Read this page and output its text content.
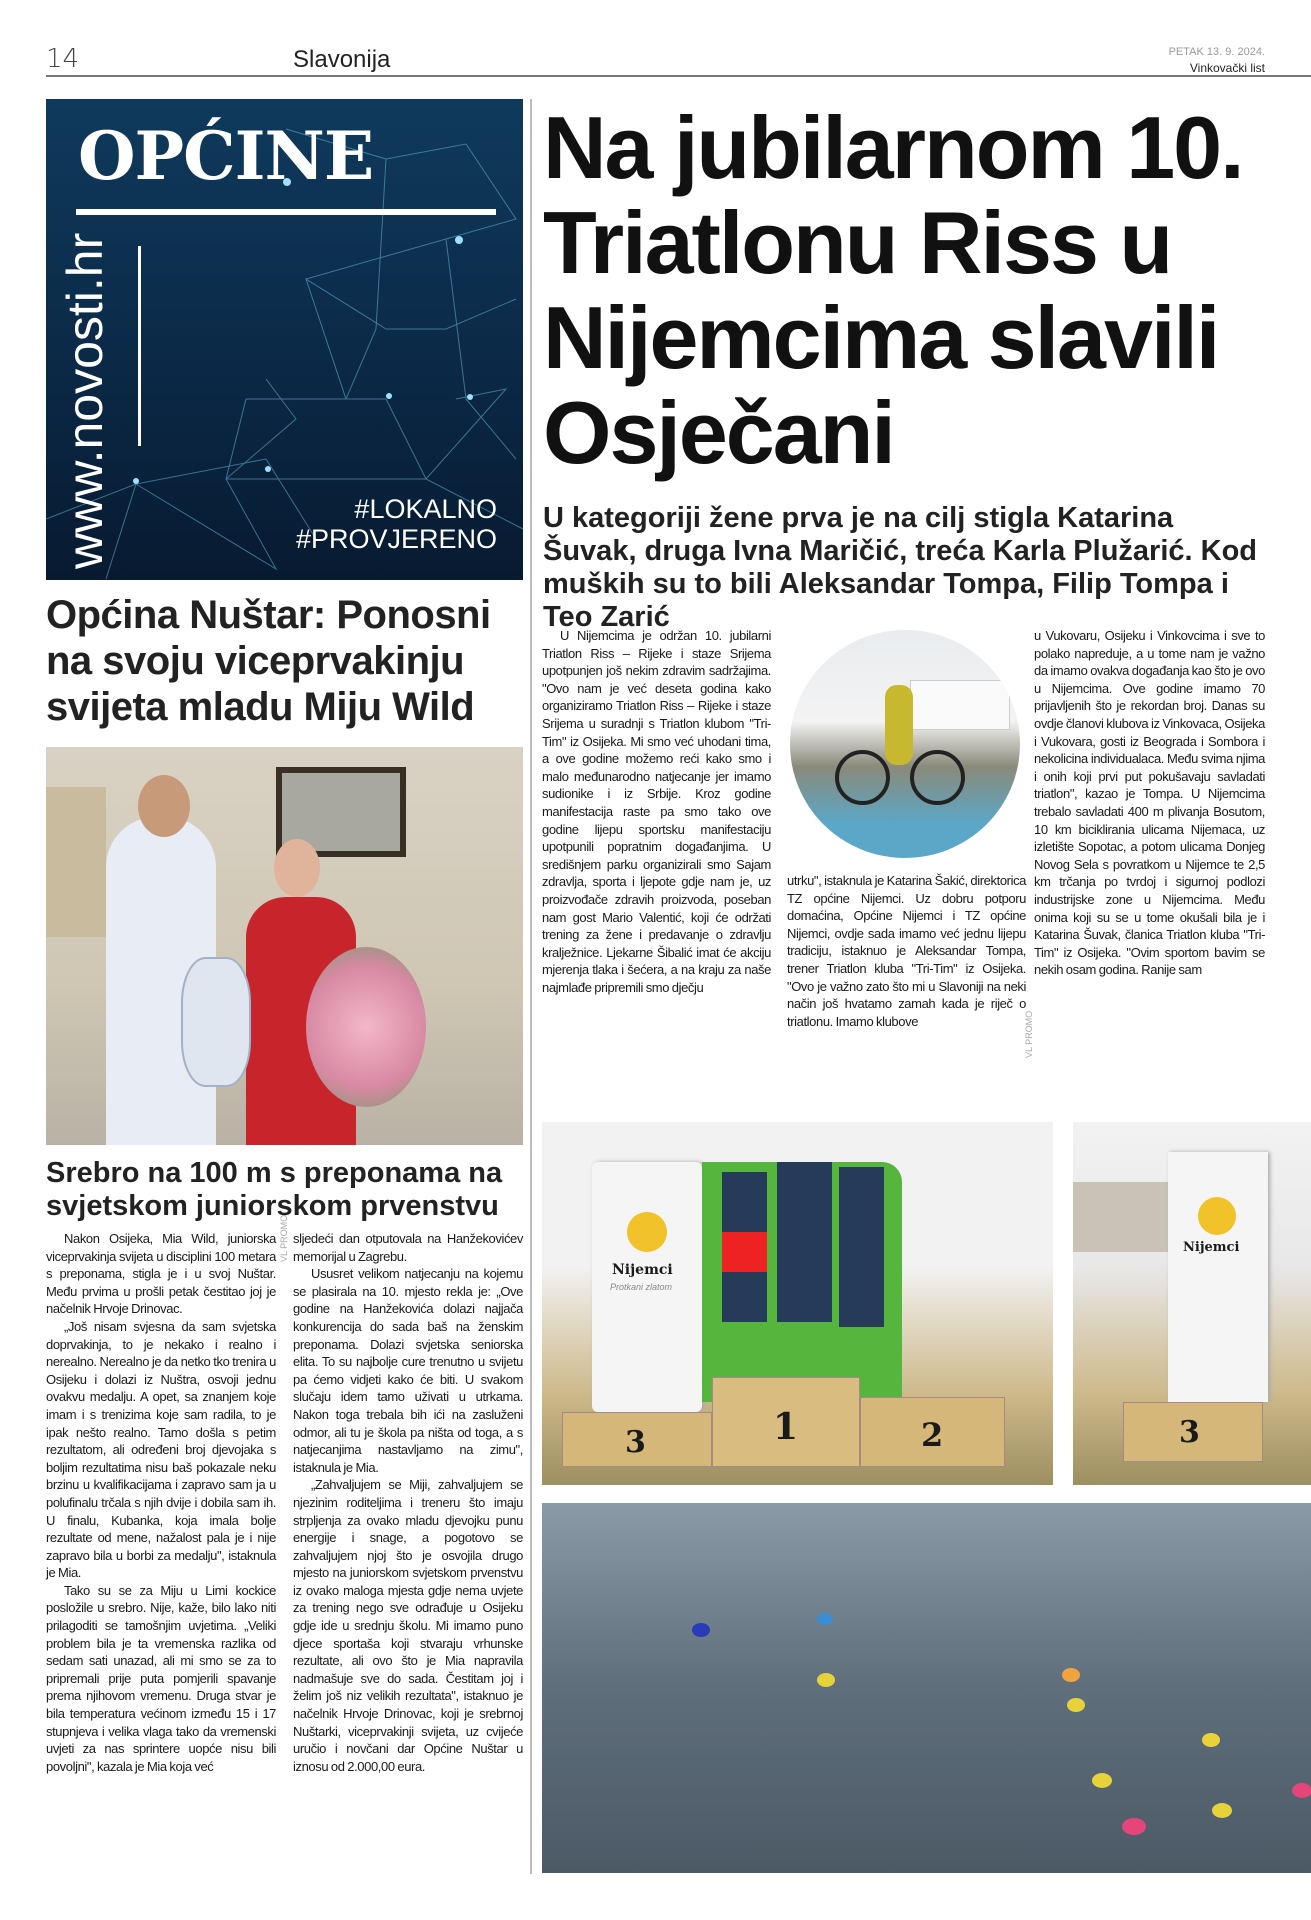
14	Slavonija	PETAK 13. 9. 2024.
Vinkovački list
OPĆINE
www.novosti.hr	#LOKALNO
#PROVJERENO
Općina Nuštar: Ponosni na svoju viceprvakinju svijeta mladu Miju Wild
Srebro na 100 m s preponama na svjetskom juniorskom prvenstvu

Nakon Osijeka, Mia Wild, juniorska viceprvakinja svijeta u disciplini 100 metara s preponama, stigla je i u svoj Nuštar. Među prvima u prošli petak čestitao joj je načelnik Hrvoje Drinovac.

„Još nisam svjesna da sam svjetska doprvakinja, to je nekako i realno i nerealno. Nerealno je da netko tko trenira u Osijeku i dolazi iz Nuštra, osvoji jednu ovakvu medalju. A opet, sa znanjem koje imam i s trenizima koje sam radila, to je ipak nešto realno. Tamo došla s petim rezultatom, ali određeni broj djevojaka s boljim rezultatima nisu baš pokazale neku brzinu u kvalifikacijama i zapravo sam ja u polufinalu trčala s njih dvije i dobila sam ih. U finalu, Kubanka, koja imala bolje rezultate od mene, nažalost pala je i nije zapravo bila u borbi za medalju", istaknula je Mia.

Tako su se za Miju u Limi kockice posložile u srebro. Nije, kaže, bilo lako niti prilagoditi se tamošnjim uvjetima. „Veliki problem bila je ta vremenska razlika od sedam sati unazad, ali mi smo se za to pripremali prije puta pomjerili spavanje prema njihovom vremenu. Druga stvar je bila temperatura većinom između 15 i 17 stupnjeva i velika vlaga tako da vremenski uvjeti za nas sprintere uopće nisu bili povoljni", kazala je Mia koja već

VL PROMO sljedeći dan otputovala na Hanžekovićev memorijal u Zagrebu.

Ususret velikom natjecanju na kojemu se plasirala na 10. mjesto rekla je: „Ove godine na Hanžekovića dolazi najjača konkurencija do sada baš na ženskim preponama. Dolazi svjetska seniorska elita. To su najbolje cure trenutno u svijetu pa ćemo vidjeti kako će biti. U svakom slučaju idem tamo uživati u utrkama. Nakon toga trebala bih ići na zasluženi odmor, ali tu je škola pa ništa od toga, a s natjecanjima nastavljamo na zimu", istaknula je Mia.

„Zahvaljujem se Miji, zahvaljujem se njezinim roditeljima i treneru što imaju strpljenja za ovako mladu djevojku punu energije i snage, a pogotovo se zahvaljujem njoj što je osvojila drugo mjesto na juniorskom svjetskom prvenstvu iz ovako maloga mjesta gdje nema uvjete za trening nego sve odrađuje u Osijeku gdje ide u srednju školu. Mi imamo puno djece sportaša koji stvaraju vrhunske rezultate, ali ovo što je Mia napravila nadmašuje sve do sada. Čestitam joj i želim još niz velikih rezultata", istaknuo je načelnik Hrvoje Drinovac, koji je srebrnoj Nuštarki, viceprvakinji svijeta, uz cvijeće uručio i novčani dar Općine Nuštar u iznosu od 2.000,00 eura.

Na jubilarnom 10. Triatlonu Riss u Nijemcima slavili Osječani
U kategoriji žene prva je na cilj stigla Katarina Šuvak, druga Ivna Maričić, treća Karla Plužarić. Kod muških su to bili Aleksandar Tompa, Filip Tompa i Teo Zarić

U Nijemcima je održan 10. jubilarni Triatlon Riss – Rijeke i staze Srijema upotpunjen još nekim zdravim sadržajima. "Ovo nam je već deseta godina kako organiziramo Triatlon Riss – Rijeke i staze Srijema u suradnji s Triatlon klubom "Tri-Tim" iz Osijeka. Mi smo već uhodani tima, a ove godine možemo reći kako smo i malo međunarodno natjecanje jer imamo sudionike i iz Srbije. Kroz godine manifestacija raste pa smo tako ove godine lijepu sportsku manifestaciju upotpunili popratnim događanjima. U središnjem parku organizirali smo Sajam zdravlja, sporta i ljepote gdje nam je, uz proizvođače zdravih proizvoda, poseban nam gost Mario Valentić, koji će održati trening za žene i predavanje o zdravlju kralježnice. Ljekarne Šibalić imat će akciju mjerenja tlaka i šećera, a na kraju za naše najmlađe pripremili smo dječju

utrku", istaknula je Katarina Šakić, direktorica TZ općine Nijemci. Uz dobru potporu domaćina, Općine Nijemci i TZ općine Nijemci, ovdje sada imamo već jednu lijepu tradiciju, istaknuo je Aleksandar Tompa, trener Triatlon kluba "Tri-Tim" iz Osijeka. "Ovo je važno zato što mi u Slavoniji na neki način još hvatamo zamah kada je riječ o triatlonu. Imamo klubove	VL PROMO

u Vukovaru, Osijeku i Vinkovcima i sve to polako napreduje, a u tome nam je važno da imamo ovakva događanja kao što je ovo u Nijemcima. Ove godine imamo 70 prijavljenih što je rekordan broj. Danas su ovdje članovi klubova iz Vinkovaca, Osijeka i Vukovara, gosti iz Beograda i Sombora i nekolicina individualaca. Među svima njima i onih koji prvi put pokušavaju savladati triatlon", kazao je Tompa. U Nijemcima trebalo savladati 400 m plivanja Bosutom, 10 km biciklirania ulicama Nijemaca, uz izletište Sopotac, a potom ulicama Donjeg Novog Sela s povratkom u Nijemce te 2,5 km trčanja po tvrdoj i sigurnoj podlozi industrijske zone u Nijemcima. Među onima koji su se u tome okušali bila je i Katarina Šuvak, članica Triatlon kluba "Tri-Tim" iz Osijeka. "Ovim sportom bavim se nekih osam godina. Ranije sam

Nijemci
Protkani zlatom
3	1	2
Nijemci
3
